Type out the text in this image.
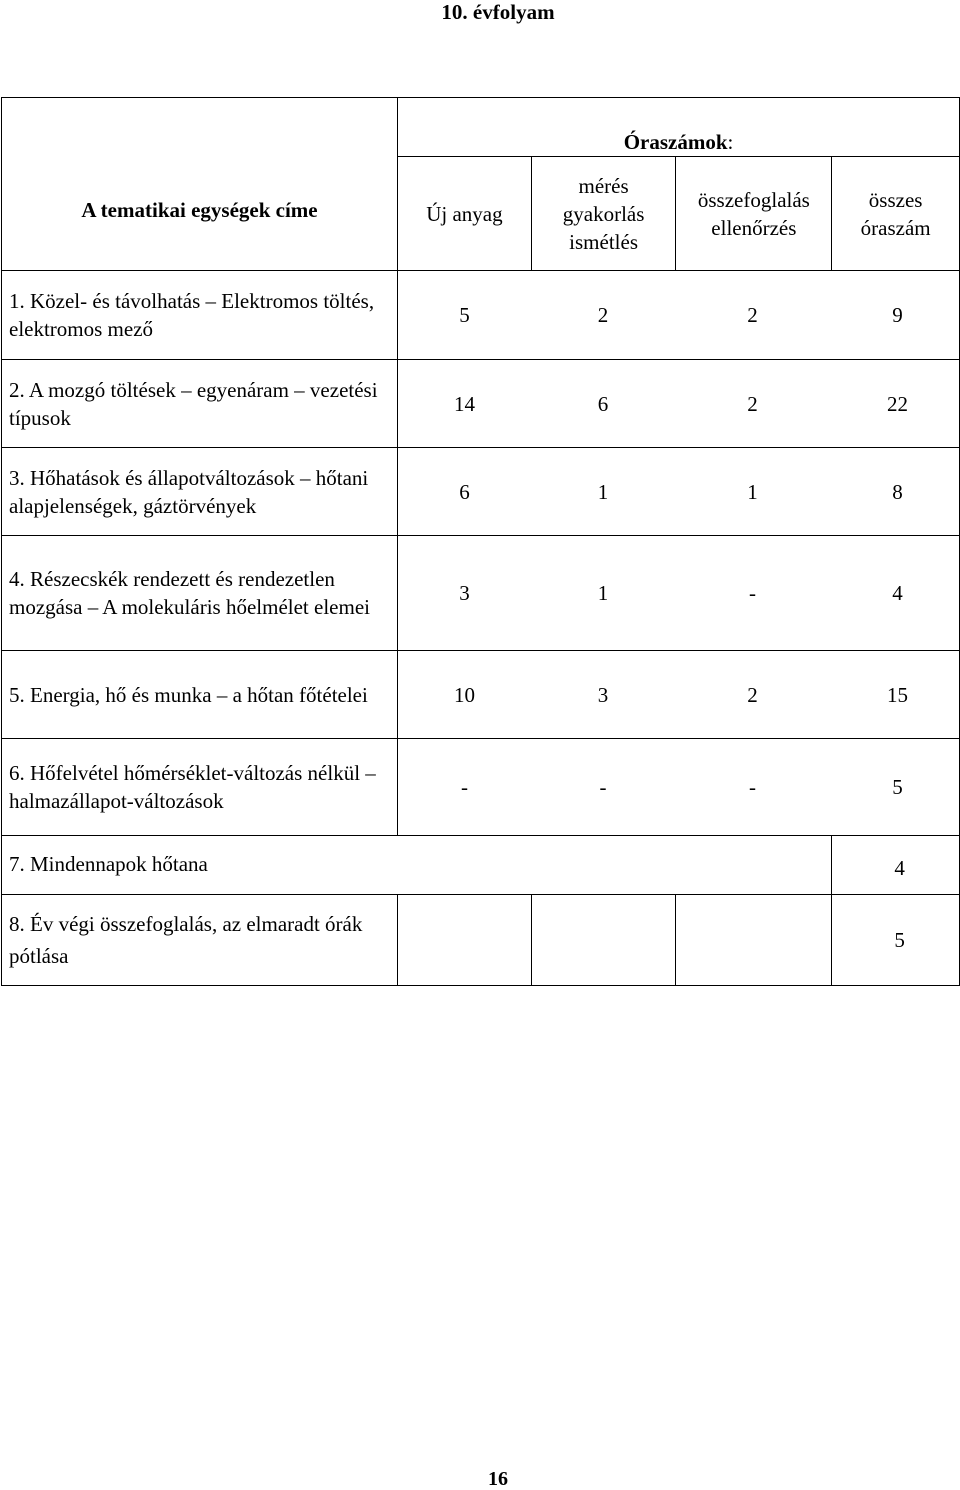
10. évfolyam
A tematikai egységek címe	Óraszámok:			
	Új anyag	mérés gyakorlás ismétlés	összefoglalás ellenőrzés	összes óraszám

1. Közel- és távolhatás – Elektromos töltés, elektromos mező	5 2 2 9			

2. A mozgó töltések – egyenáram – vezetési típusok	14 6 2 22			

3. Hőhatások és állapotváltozások – hőtani alapjelenségek, gáztörvények	6 1 1 8			

4. Részecskék rendezett és rendezetlen mozgása – A molekuláris hőelmélet elemei	3 1 - 4			

5. Energia, hő és munka – a hőtan főtételei	10 3 2 15			

6. Hőfelvétel hőmérséklet-változás nélkül – halmazállapot-változások	- - - 5			

7. Mindennapok hőtana				4

8. Év végi összefoglalás, az elmaradt órák pótlása				5
16
